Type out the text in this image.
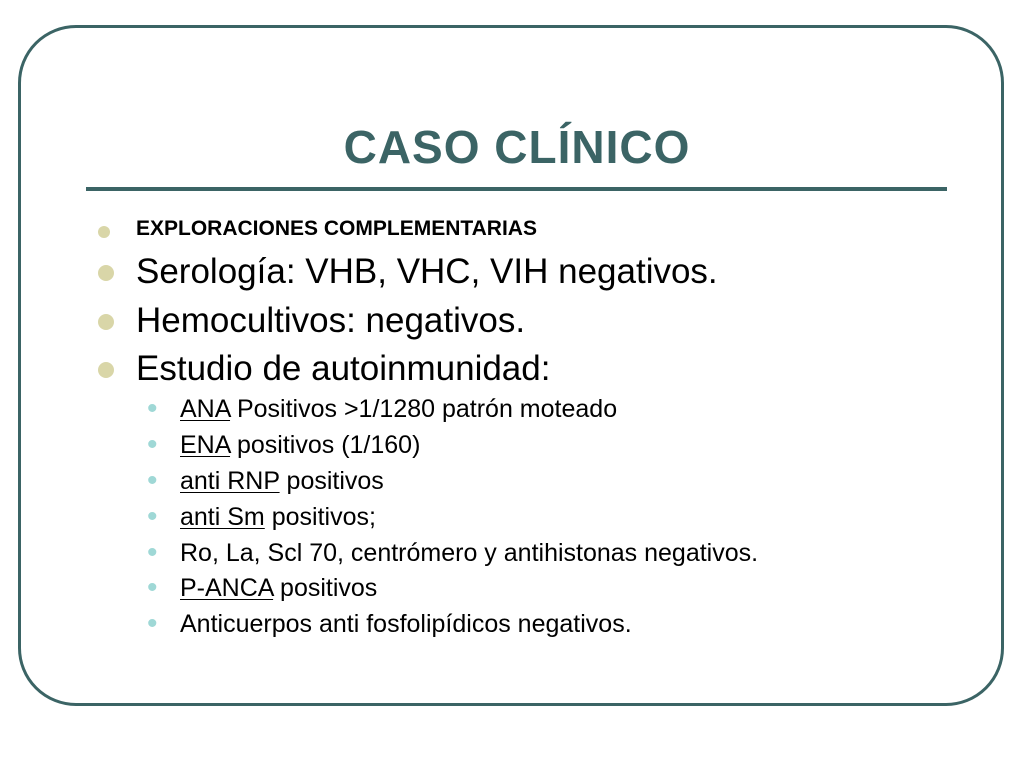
CASO CLÍNICO
EXPLORACIONES COMPLEMENTARIAS
Serología: VHB, VHC, VIH negativos.
Hemocultivos: negativos.
Estudio de autoinmunidad:
• ANA Positivos >1/1280 patrón moteado
• ENA positivos (1/160)
• anti RNP positivos
• anti Sm positivos;
• Ro, La, Scl 70, centrómero y antihistonas negativos.
• P-ANCA positivos
• Anticuerpos anti fosfolipídicos negativos.
